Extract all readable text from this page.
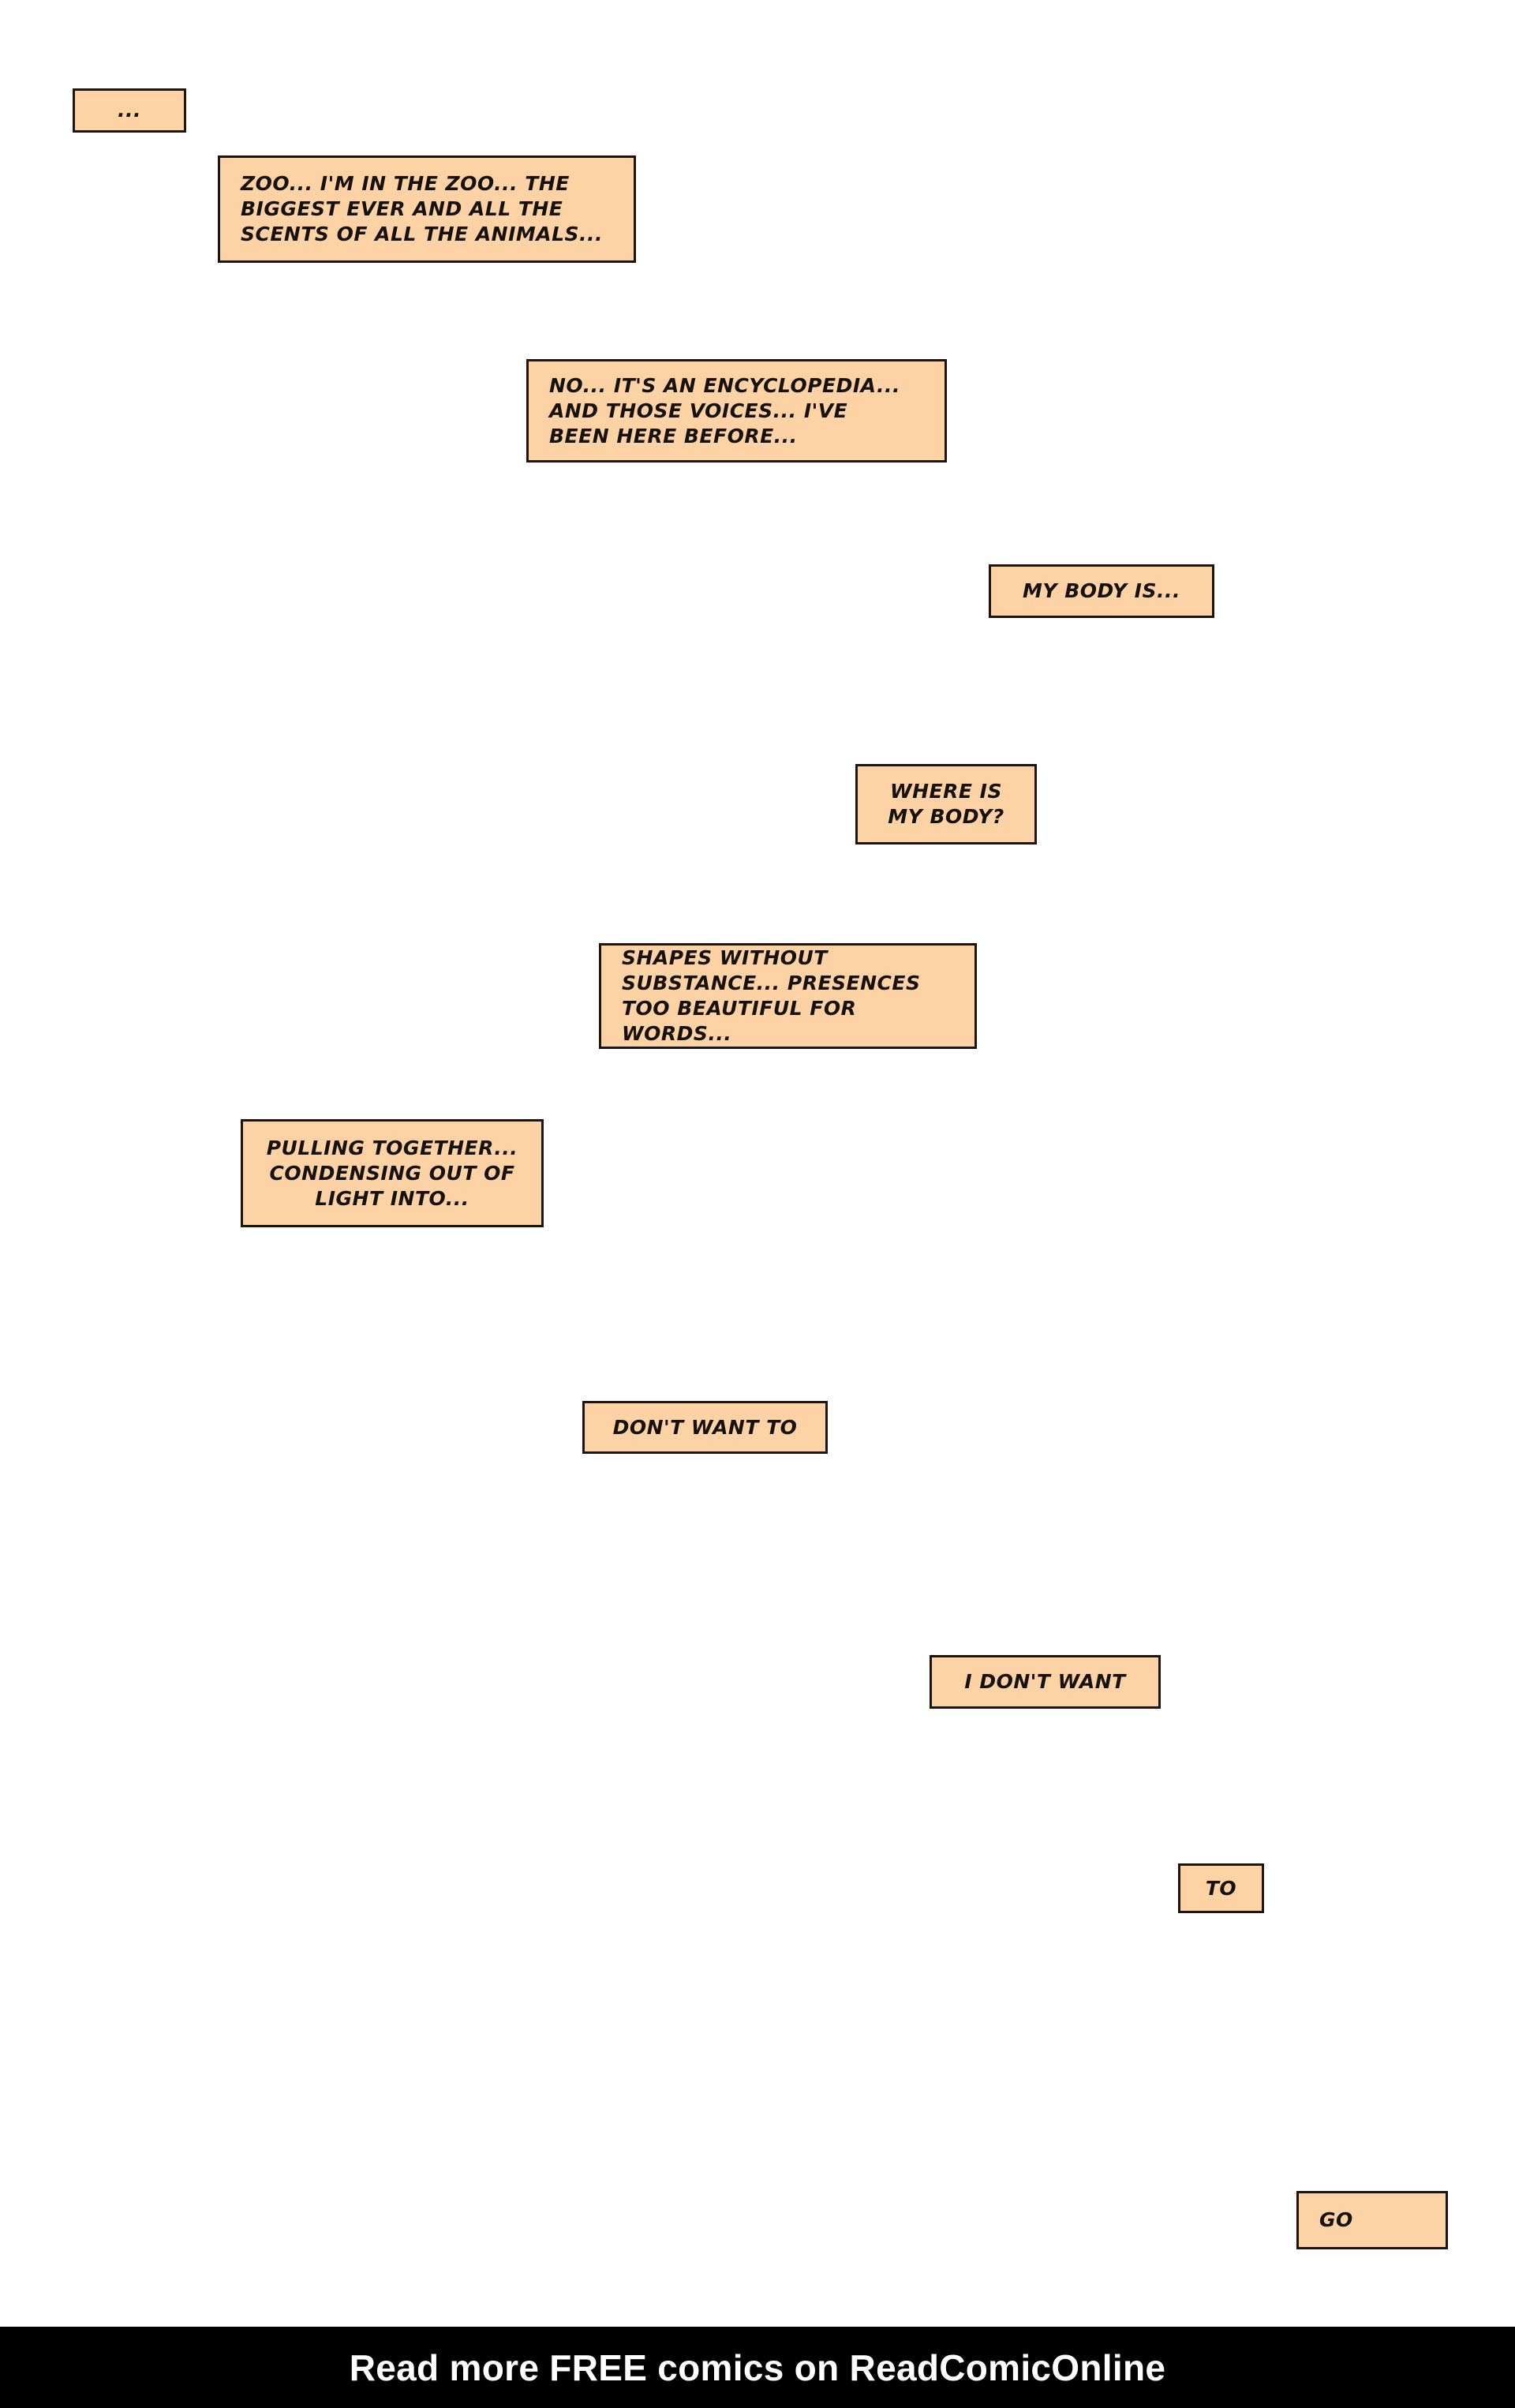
...
ZOO... I'M IN THE ZOO... THE
BIGGEST EVER AND ALL THE
SCENTS OF ALL THE ANIMALS...
NO... IT'S AN ENCYCLOPEDIA...
AND THOSE VOICES... I'VE
BEEN HERE BEFORE...
MY BODY IS...
WHERE IS
MY BODY?
SHAPES WITHOUT
SUBSTANCE... PRESENCES
TOO BEAUTIFUL FOR WORDS...
PULLING TOGETHER...
CONDENSING OUT OF
LIGHT INTO...
DON'T WANT TO
I DON'T WANT
TO
GO
Read more FREE comics on ReadComicOnline
